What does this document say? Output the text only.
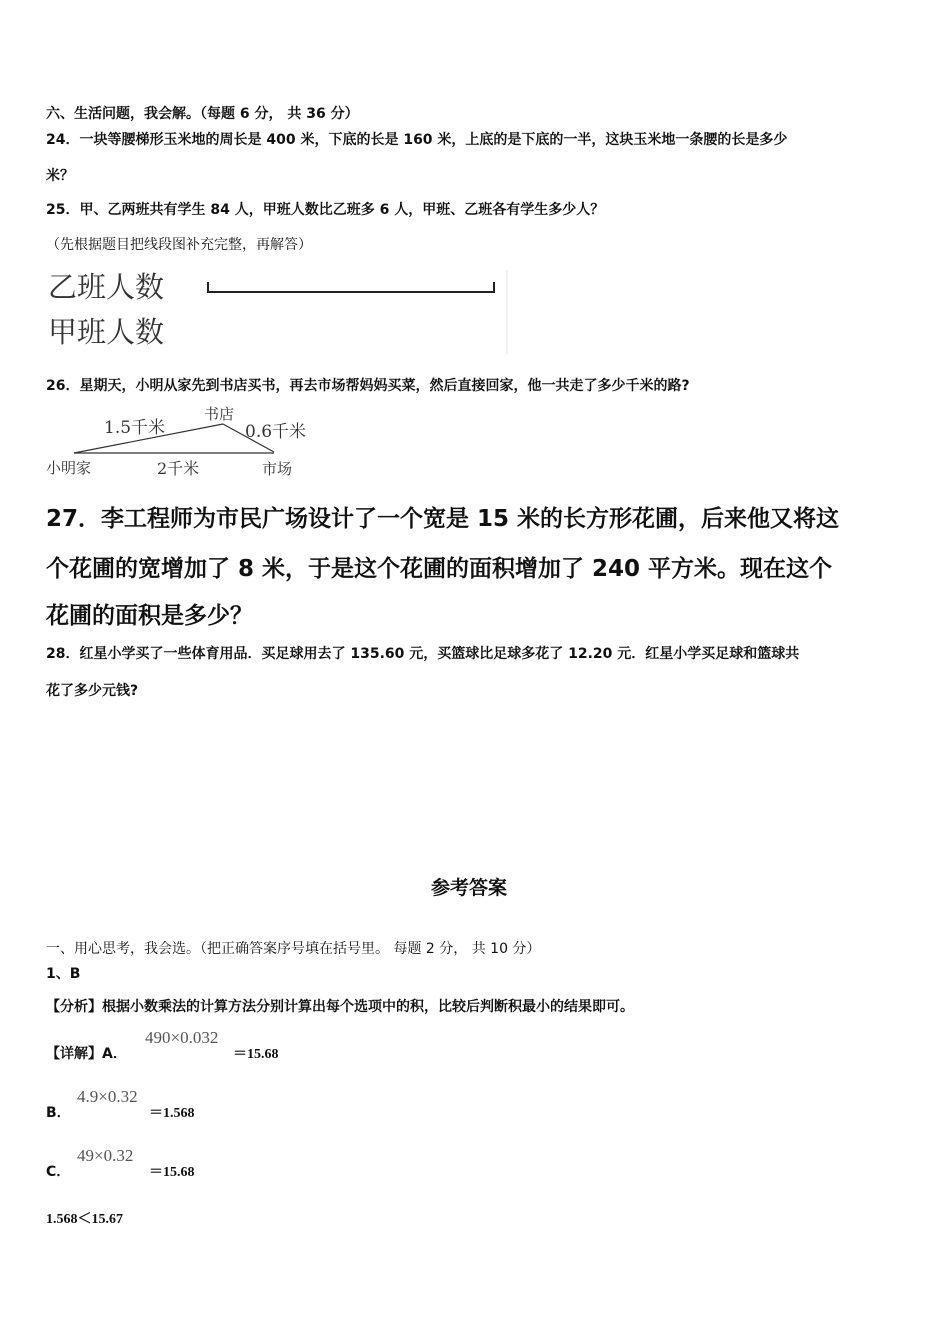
六、生活问题，我会解。（每题 6 分， 共 36 分）
24．一块等腰梯形玉米地的周长是 400 米，下底的长是 160 米，上底的是下底的一半，这块玉米地一条腰的长是多少
米？
25．甲、乙两班共有学生 84 人，甲班人数比乙班多 6 人，甲班、乙班各有学生多少人？
（先根据题目把线段图补充完整，再解答）
乙班人数
甲班人数
26．星期天，小明从家先到书店买书，再去市场帮妈妈买菜，然后直接回家，他一共走了多少千米的路?
1.5千米
书店
0.6千米
小明家	2千米	市场
27．李工程师为市民广场设计了一个宽是 15 米的长方形花圃，后来他又将这
个花圃的宽增加了 8 米，于是这个花圃的面积增加了 240 平方米。现在这个
花圃的面积是多少？
28．红星小学买了一些体育用品．买足球用去了 135.60 元，买篮球比足球多花了 12.20 元．红星小学买足球和篮球共
花了多少元钱?
参考答案
一、用心思考，我会选。（把正确答案序号填在括号里。 每题 2 分， 共 10 分）
1、B
【分析】根据小数乘法的计算方法分别计算出每个选项中的积，比较后判断积最小的结果即可。
【详解】A．
490×0.032
＝15.68
B．
4.9×0.32
＝1.568
C．
49×0.32
＝15.68
1.568＜15.67
